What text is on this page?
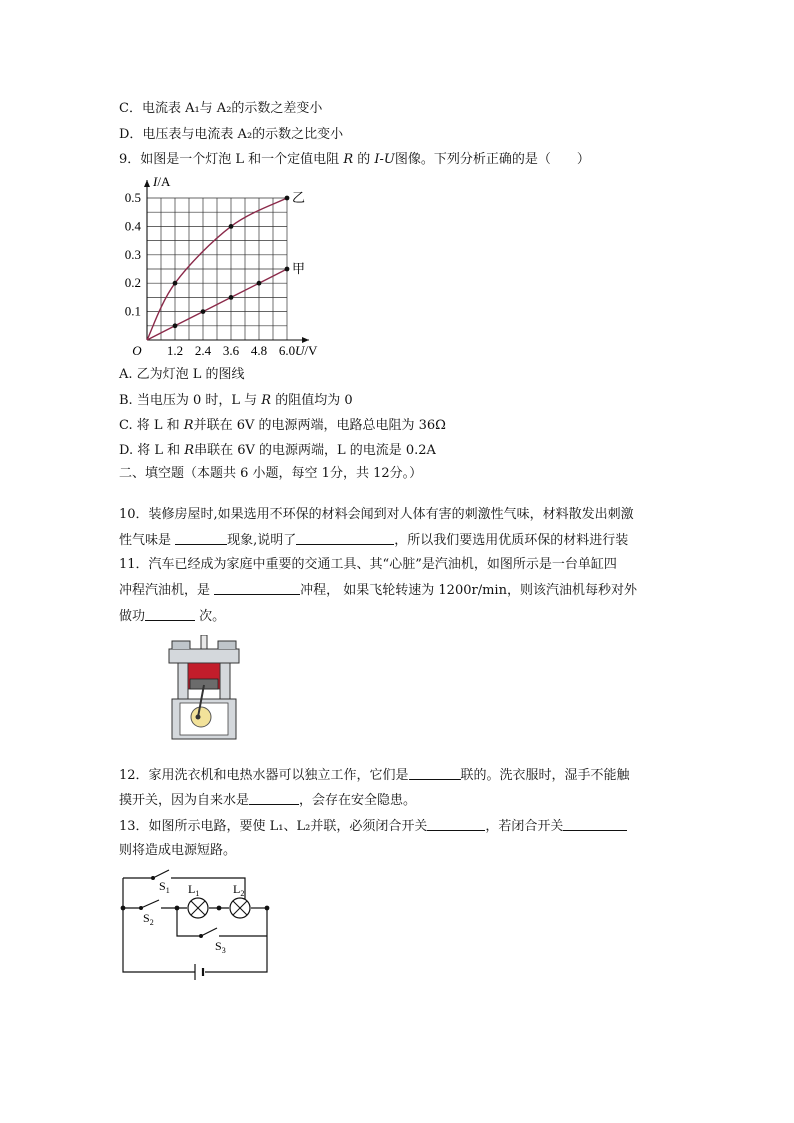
C．电流表 A₁与 A₂的示数之差变小
D．电压表与电流表 A₂的示数之比变小
9．如图是一个灯泡 L 和一个定值电阻 R 的 I-U图像。下列分析正确的是（　　）
乙
甲
1.2 2.4 3.6 4.8 6.0
0.1
0.2
0.3
0.4
0.5
O	U/V
I/A
A. 乙为灯泡 L 的图线
B. 当电压为 0 时，L 与 R 的阻值均为 0
C. 将 L 和 R并联在 6V 的电源两端，电路总电阻为 36Ω
D. 将 L 和 R串联在 6V 的电源两端，L 的电流是 0.2A
二、填空题（本题共 6 小题，每空 1分，共 12分。）
10．装修房屋时,如果选用不环保的材料会闻到对人体有害的刺激性气味，材料散发出刺激
性气味是	现象,说明了	，所以我们要选用优质环保的材料进行装
11．汽车已经成为家庭中重要的交通工具、其“心脏”是汽油机，如图所示是一台单缸四
冲程汽油机，是	冲程， 如果飞轮转速为 1200r/min，则该汽油机每秒对外
做功	次。
12．家用洗衣机和电热水器可以独立工作，它们是	联的。洗衣服时，湿手不能触
摸开关，因为自来水是	，会存在安全隐患。
13．如图所示电路，要使 L₁、L₂并联，必须闭合开关	，若闭合开关
则将造成电源短路。
$S_1$
$S_2$
$S_3$
$L_1$	$L_2$
